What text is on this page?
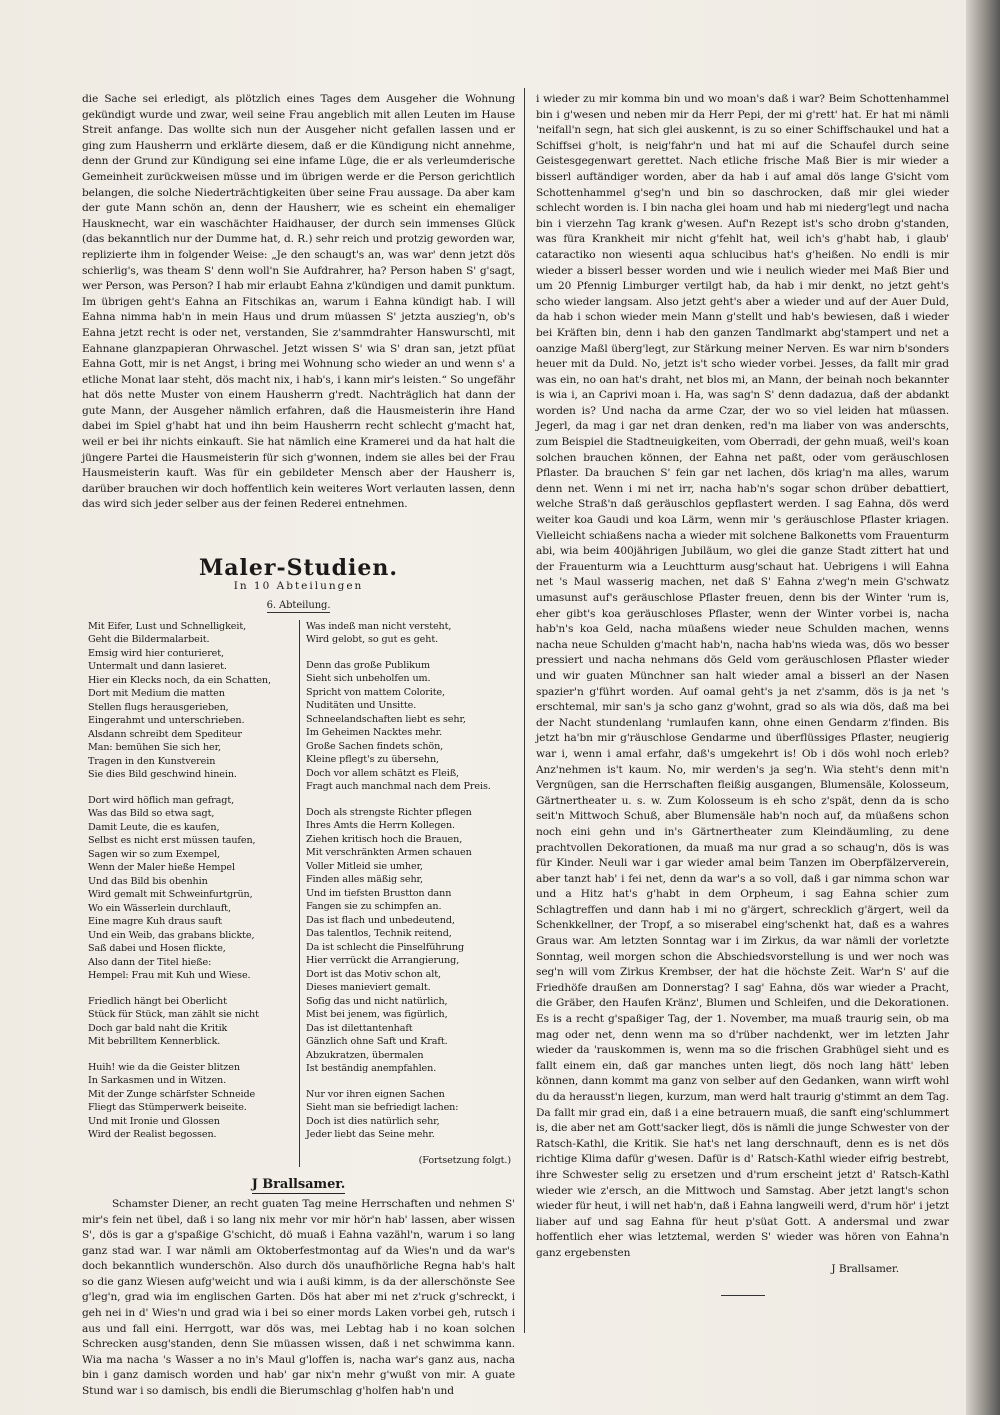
die Sache sei erledigt, als plötzlich eines Tages dem Ausgeher die Wohnung gekündigt wurde und zwar, weil seine Frau angeblich mit allen Leuten im Hause Streit anfange. Das wollte sich nun der Ausgeher nicht gefallen lassen und er ging zum Hausherrn und erklärte diesem, daß er die Kündigung nicht annehme, denn der Grund zur Kündigung sei eine infame Lüge, die er als verleumderische Gemeinheit zurückweisen müsse und im übrigen werde er die Person gerichtlich belangen, die solche Niederträchtigkeiten über seine Frau aussage. Da aber kam der gute Mann schön an, denn der Hausherr, wie es scheint ein ehemaliger Hausknecht, war ein waschächter Haidhauser, der durch sein immenses Glück (das bekanntlich nur der Dumme hat, d. R.) sehr reich und protzig geworden war, replizierte ihm in folgender Weise: „Je den schaugt's an, was war' denn jetzt dös schierlig's, was theam S' denn woll'n Sie Aufdrahrer, ha? Person haben S' g'sagt, wer Person, was Person? I hab mir erlaubt Eahna z'kündigen und damit punktum. Im übrigen geht's Eahna an Fitschikas an, warum i Eahna kündigt hab. I will Eahna nimma hab'n in mein Haus und drum müassen S' jetzta auszieg'n, ob's Eahna jetzt recht is oder net, verstanden, Sie z'sammdrahter Hanswurschtl, mit Eahnane glanzpapieran Ohrwaschel. Jetzt wissen S' wia S' dran san, jetzt pfüat Eahna Gott, mir is net Angst, i bring mei Wohnung scho wieder an und wenn s' a etliche Monat laar steht, dös macht nix, i hab's, i kann mir's leisten.“ So ungefähr hat dös nette Muster von einem Hausherrn g'redt. Nachträglich hat dann der gute Mann, der Ausgeher nämlich erfahren, daß die Hausmeisterin ihre Hand dabei im Spiel g'habt hat und ihn beim Hausherrn recht schlecht g'macht hat, weil er bei ihr nichts einkauft. Sie hat nämlich eine Kramerei und da hat halt die jüngere Partei die Hausmeisterin für sich g'wonnen, indem sie alles bei der Frau Hausmeisterin kauft. Was für ein gebildeter Mensch aber der Hausherr is, darüber brauchen wir doch hoffentlich kein weiteres Wort verlauten lassen, denn das wird sich jeder selber aus der feinen Rederei entnehmen.

Maler-Studien.

In 10 Abteilungen

6. Abteilung.

Mit Eifer, Lust und Schnelligkeit,
Geht die Bildermalarbeit.
Emsig wird hier conturieret,
Untermalt und dann lasieret.
Hier ein Klecks noch, da ein Schatten,
Dort mit Medium die matten
Stellen flugs herausgerieben,
Eingerahmt und unterschrieben.
Alsdann schreibt dem Spediteur
Man: bemühen Sie sich her,
Tragen in den Kunstverein
Sie dies Bild geschwind hinein.
Dort wird höflich man gefragt,
Was das Bild so etwa sagt,
Damit Leute, die es kaufen,
Selbst es nicht erst müssen taufen,
Sagen wir so zum Exempel,
Wenn der Maler hieße Hempel
Und das Bild bis obenhin
Wird gemalt mit Schweinfurtgrün,
Wo ein Wässerlein durchlauft,
Eine magre Kuh draus sauft
Und ein Weib, das grabans blickte,
Saß dabei und Hosen flickte,
Also dann der Titel hieße:
Hempel: Frau mit Kuh und Wiese.
Friedlich hängt bei Oberlicht
Stück für Stück, man zählt sie nicht
Doch gar bald naht die Kritik
Mit bebrilltem Kennerblick.
Huih! wie da die Geister blitzen
In Sarkasmen und in Witzen.
Mit der Zunge schärfster Schneide
Fliegt das Stümperwerk beiseite.
Und mit Ironie und Glossen
Wird der Realist begossen.
Was indeß man nicht versteht,
Wird gelobt, so gut es geht.
Denn das große Publikum
Sieht sich unbeholfen um.
Spricht von mattem Colorite,
Nuditäten und Unsitte.
Schneelandschaften liebt es sehr,
Im Geheimen Nacktes mehr.
Große Sachen findets schön,
Kleine pflegt's zu übersehn,
Doch vor allem schätzt es Fleiß,
Fragt auch manchmal nach dem Preis.
Doch als strengste Richter pflegen
Ihres Amts die Herrn Kollegen.
Ziehen kritisch hoch die Brauen,
Mit verschränkten Armen schauen
Voller Mitleid sie umher,
Finden alles mäßig sehr,
Und im tiefsten Brustton dann
Fangen sie zu schimpfen an.
Das ist flach und unbedeutend,
Das talentlos, Technik reitend,
Da ist schlecht die Pinselführung
Hier verrückt die Arrangierung,
Dort ist das Motiv schon alt,
Dieses manieviert gemalt.
Sofig das und nicht natürlich,
Mist bei jenem, was figürlich,
Das ist dilettantenhaft
Gänzlich ohne Saft und Kraft.
Abzukratzen, übermalen
Ist beständig anempfahlen.
Nur vor ihren eignen Sachen
Sieht man sie befriedigt lachen:
Doch ist dies natürlich sehr,
Jeder liebt das Seine mehr.
(Fortsetzung folgt.)
J Brallsamer.

Schamster Diener, an recht guaten Tag meine Herrschaften und nehmen S' mir's fein net übel, daß i so lang nix mehr vor mir hör'n hab' lassen, aber wissen S', dös is gar a g'spaßige G'schicht, dö muaß i Eahna vazähl'n, warum i so lang ganz stad war. I war nämli am Oktoberfestmontag auf da Wies'n und da war's doch bekanntlich wunderschön. Also durch dös unaufhörliche Regna hab's halt so die ganz Wiesen aufg'weicht und wia i außi kimm, is da der allerschönste See g'leg'n, grad wia im englischen Garten. Dös hat aber mi net z'ruck g'schreckt, i geh nei in d' Wies'n und grad wia i bei so einer mords Laken vorbei geh, rutsch i aus und fall eini. Herrgott, war dös was, mei Lebtag hab i no koan solchen Schrecken ausg'standen, denn Sie müassen wissen, daß i net schwimma kann. Wia ma nacha 's Wasser a no in's Maul g'loffen is, nacha war's ganz aus, nacha bin i ganz damisch worden und hab' gar nix'n mehr g'wußt von mir. A guate Stund war i so damisch, bis endli die Bierumschlag g'holfen hab'n und

i wieder zu mir komma bin und wo moan's daß i war? Beim Schottenhammel bin i g'wesen und neben mir da Herr Pepi, der mi g'rett' hat. Er hat mi nämli 'neifall'n segn, hat sich glei auskennt, is zu so einer Schiffschaukel und hat a Schiffsei g'holt, is neig'fahr'n und hat mi auf die Schaufel durch seine Geistesgegenwart gerettet. Nach etliche frische Maß Bier is mir wieder a bisserl auftändiger worden, aber da hab i auf amal dös lange G'sicht vom Schottenhammel g'seg'n und bin so daschrocken, daß mir glei wieder schlecht worden is. I bin nacha glei hoam und hab mi niederg'legt und nacha bin i vierzehn Tag krank g'wesen. Auf'n Rezept ist's scho drobn g'standen, was füra Krankheit mir nicht g'fehlt hat, weil ich's g'habt hab, i glaub' cataractiko non wiesenti aqua schlucibus hat's g'heißen. No endli is mir wieder a bisserl besser worden und wie i neulich wieder mei Maß Bier und um 20 Pfennig Limburger vertilgt hab, da hab i mir denkt, no jetzt geht's scho wieder langsam. Also jetzt geht's aber a wieder und auf der Auer Duld, da hab i schon wieder mein Mann g'stellt und hab's bewiesen, daß i wieder bei Kräften bin, denn i hab den ganzen Tandlmarkt abg'stampert und net a oanzige Maßl überg'legt, zur Stärkung meiner Nerven. Es war nirn b'sonders heuer mit da Duld. No, jetzt is't scho wieder vorbei. Jesses, da fallt mir grad was ein, no oan hat's draht, net blos mi, an Mann, der beinah noch bekannter is wia i, an Caprivi moan i. Ha, was sag'n S' denn dadazua, daß der abdankt worden is? Und nacha da arme Czar, der wo so viel leiden hat müassen. Jegerl, da mag i gar net dran denken, red'n ma liaber von was anderschts, zum Beispiel die Stadtneuigkeiten, vom Oberradi, der gehn muaß, weil's koan solchen brauchen können, der Eahna net paßt, oder vom geräuschlosen Pflaster. Da brauchen S' fein gar net lachen, dös kriag'n ma alles, warum denn net. Wenn i mi net irr, nacha hab'n's sogar schon drüber debattiert, welche Straß'n daß geräuschlos gepflastert werden. I sag Eahna, dös werd weiter koa Gaudi und koa Lärm, wenn mir 's geräuschlose Pflaster kriagen. Vielleicht schiaßens nacha a wieder mit solchene Balkonetts vom Frauenturm abi, wia beim 400jährigen Jubiläum, wo glei die ganze Stadt zittert hat und der Frauenturm wia a Leuchtturm ausg'schaut hat. Uebrigens i will Eahna net 's Maul wasserig machen, net daß S' Eahna z'weg'n mein G'schwatz umasunst auf's geräuschlose Pflaster freuen, denn bis der Winter 'rum is, eher gibt's koa geräuschloses Pflaster, wenn der Winter vorbei is, nacha hab'n's koa Geld, nacha müaßens wieder neue Schulden machen, wenns nacha neue Schulden g'macht hab'n, nacha hab'ns wieda was, dös wo besser pressiert und nacha nehmans dös Geld vom geräuschlosen Pflaster wieder und wir guaten Münchner san halt wieder amal a bisserl an der Nasen spazier'n g'führt worden. Auf oamal geht's ja net z'samm, dös is ja net 's erschtemal, mir san's ja scho ganz g'wohnt, grad so als wia dös, daß ma bei der Nacht stundenlang 'rumlaufen kann, ohne einen Gendarm z'finden. Bis jetzt ha'bn mir g'räuschlose Gendarme und überflüssiges Pflaster, neugierig war i, wenn i amal erfahr, daß's umgekehrt is! Ob i dös wohl noch erleb? Anz'nehmen is't kaum. No, mir werden's ja seg'n. Wia steht's denn mit'n Vergnügen, san die Herrschaften fleißig ausgangen, Blumensäle, Kolosseum, Gärtnertheater u. s. w. Zum Kolosseum is eh scho z'spät, denn da is scho seit'n Mittwoch Schuß, aber Blumensäle hab'n noch auf, da müaßens schon noch eini gehn und in's Gärtnertheater zum Kleindäumling, zu dene prachtvollen Dekorationen, da muaß ma nur grad a so schaug'n, dös is was für Kinder. Neuli war i gar wieder amal beim Tanzen im Oberpfälzerverein, aber tanzt hab' i fei net, denn da war's a so voll, daß i gar nimma schon war und a Hitz hat's g'habt in dem Orpheum, i sag Eahna schier zum Schlagtreffen und dann hab i mi no g'ärgert, schrecklich g'ärgert, weil da Schenkkellner, der Tropf, a so miserabel eing'schenkt hat, daß es a wahres Graus war. Am letzten Sonntag war i im Zirkus, da war nämli der vorletzte Sonntag, weil morgen schon die Abschiedsvorstellung is und wer noch was seg'n will vom Zirkus Krembser, der hat die höchste Zeit. War'n S' auf die Friedhöfe draußen am Donnerstag? I sag' Eahna, dös war wieder a Pracht, die Gräber, den Haufen Kränz', Blumen und Schleifen, und die Dekorationen. Es is a recht g'spaßiger Tag, der 1. November, ma muaß traurig sein, ob ma mag oder net, denn wenn ma so d'rüber nachdenkt, wer im letzten Jahr wieder da 'rauskommen is, wenn ma so die frischen Grabhügel sieht und es fallt einem ein, daß gar manches unten liegt, dös noch lang hätt' leben können, dann kommt ma ganz von selber auf den Gedanken, wann wirft wohl du da herausst'n liegen, kurzum, man werd halt traurig g'stimmt an dem Tag. Da fallt mir grad ein, daß i a eine betrauern muaß, die sanft eing'schlummert is, die aber net am Gott'sacker liegt, dös is nämli die junge Schwester von der Ratsch-Kathl, die Kritik. Sie hat's net lang derschnauft, denn es is net dös richtige Klima dafür g'wesen. Dafür is d' Ratsch-Kathl wieder eifrig bestrebt, ihre Schwester selig zu ersetzen und d'rum erscheint jetzt d' Ratsch-Kathl wieder wie z'ersch, an die Mittwoch und Samstag. Aber jetzt langt's schon wieder für heut, i will net hab'n, daß i Eahna langweili werd, d'rum hör' i jetzt liaber auf und sag Eahna für heut p'süat Gott. A andersmal und zwar hoffentlich eher wias letztemal, werden S' wieder was hören von Eahna'n ganz ergebensten

J Brallsamer.
